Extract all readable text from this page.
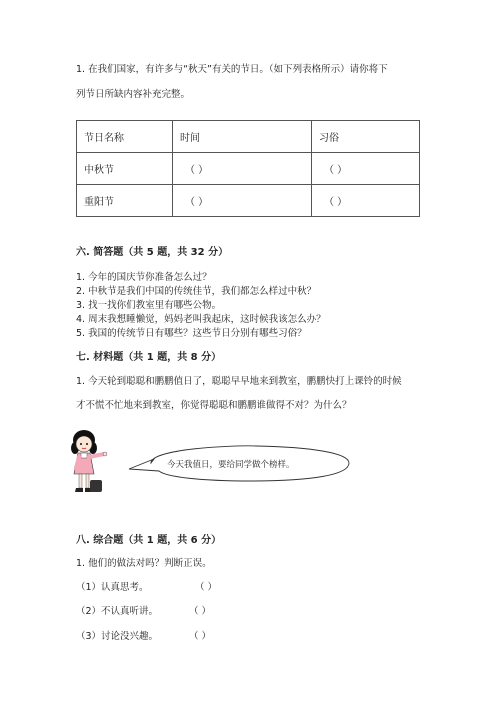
1. 在我们国家，有许多与“秋天”有关的节日。（如下列表格所示）请你将下
列节日所缺内容补充完整。
节日名称	时间	习俗
中秋节	（ ）	（ ）
重阳节	（ ）	（ ）
六. 简答题（共 5 题，共 32 分）
1. 今年的国庆节你准备怎么过？
2. 中秋节是我们中国的传统佳节，我们都怎么样过中秋？
3. 找一找你们教室里有哪些公物。
4. 周末我想睡懒觉，妈妈老叫我起床，这时候我该怎么办？
5. 我国的传统节日有哪些？这些节日分别有哪些习俗？
七. 材料题（共 1 题，共 8 分）
1. 今天轮到聪聪和鹏鹏值日了，聪聪早早地来到教室，鹏鹏快打上课铃的时候
才不慌不忙地来到教室，你觉得聪聪和鹏鹏谁做得不对？为什么？
今天我值日，要给同学做个榜样。
八. 综合题（共 1 题，共 6 分）
1. 他们的做法对吗？判断正误。
（1）认真思考。	（ ）
（2）不认真听讲。	（ ）
（3）讨论没兴趣。	（ ）
